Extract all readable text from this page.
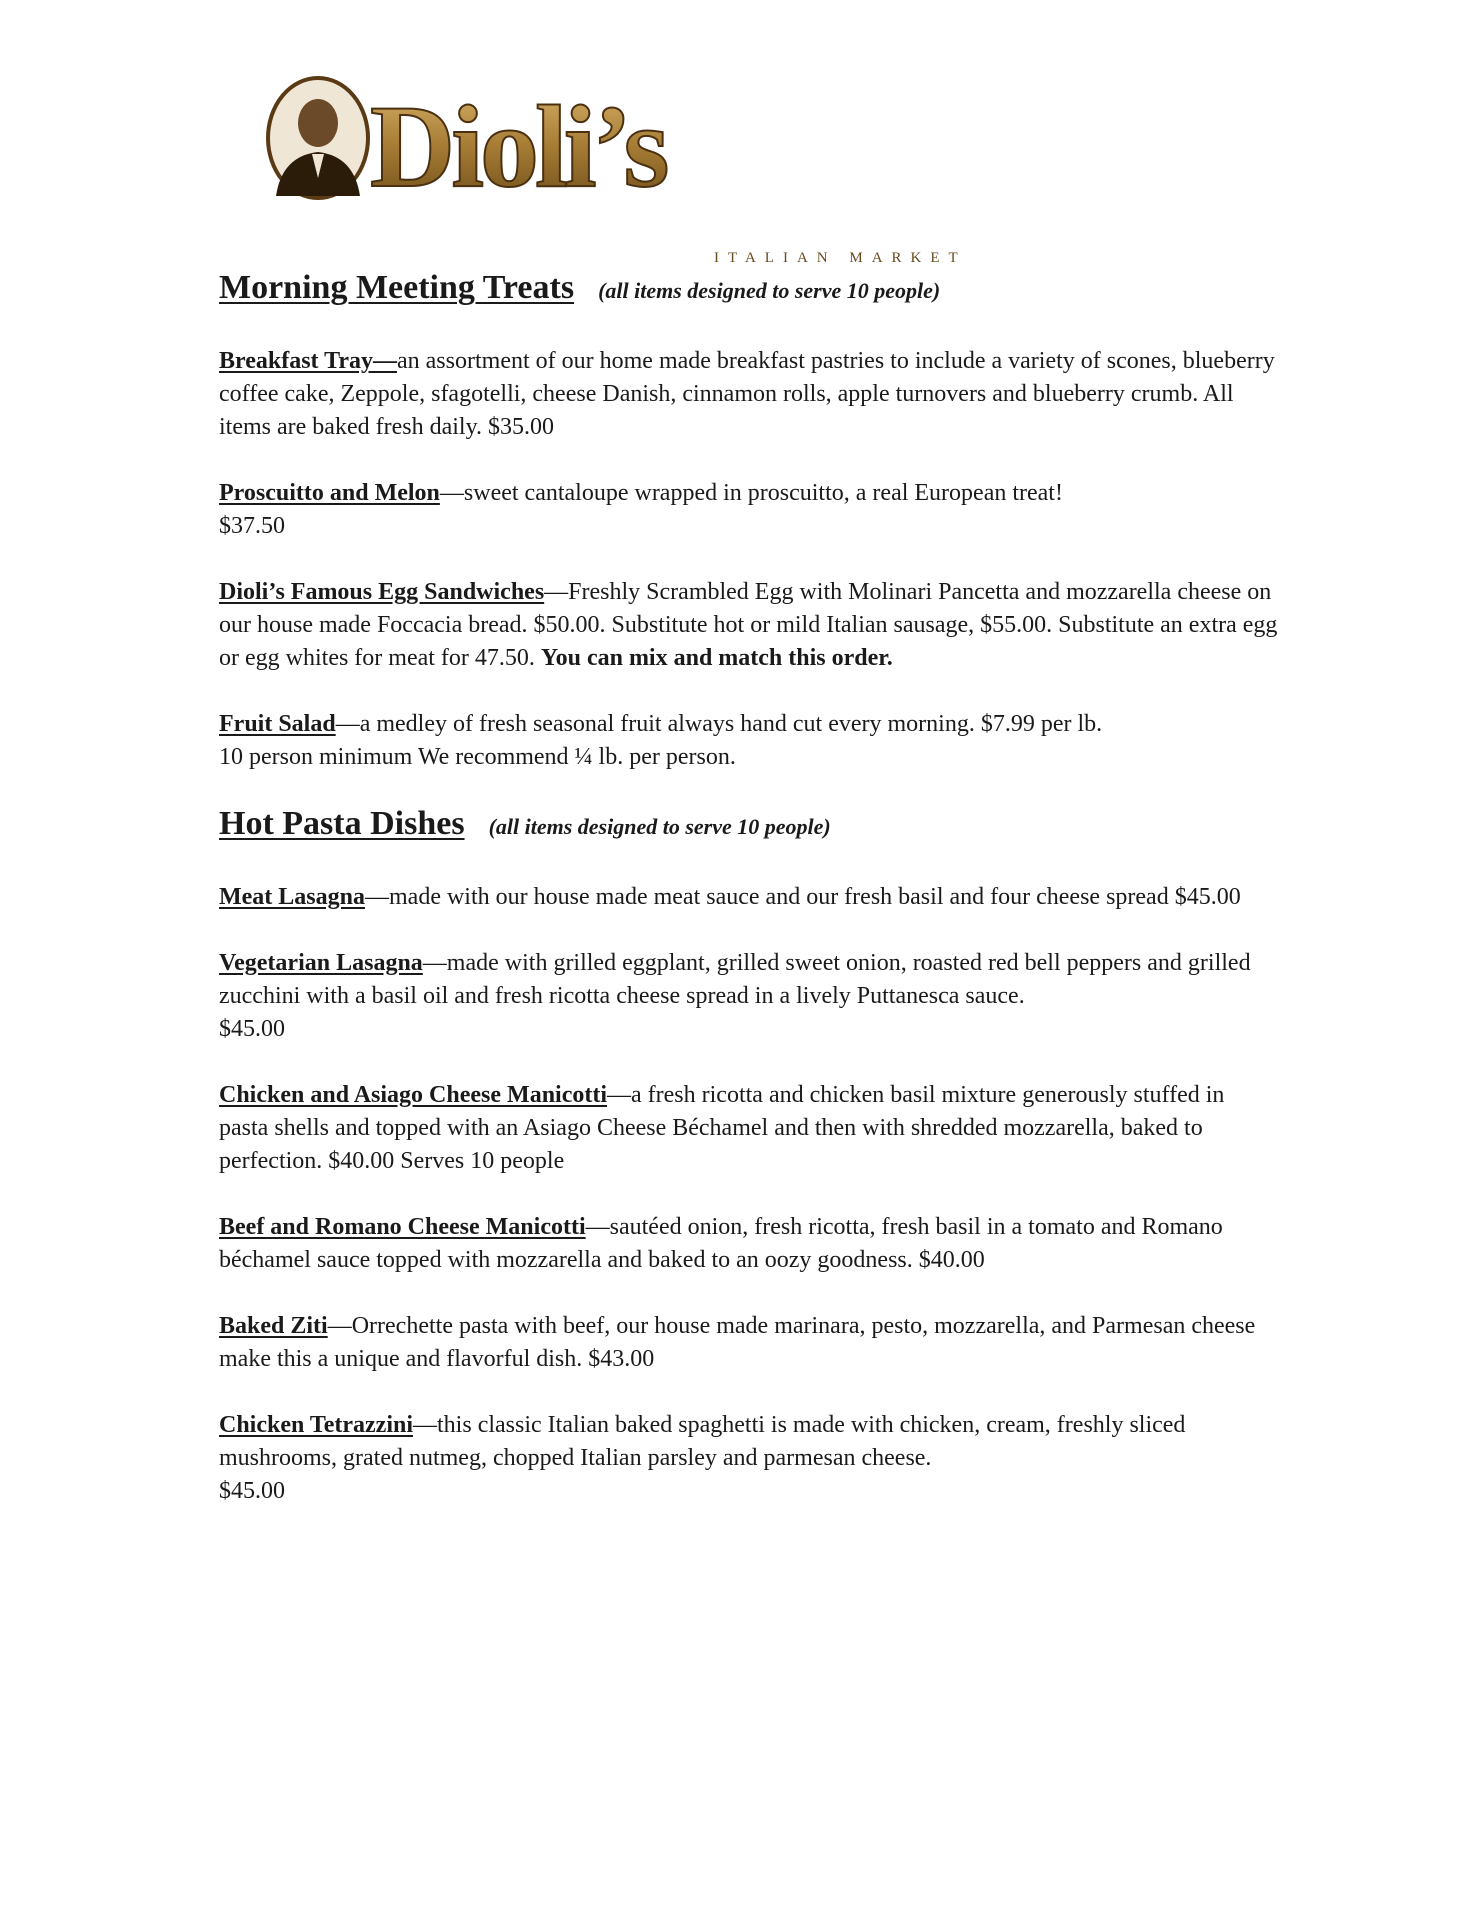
Dioli’s
ITALIAN MARKET
Morning Meeting Treats (all items designed to serve 10 people)

Breakfast Tray—an assortment of our home made breakfast pastries to include a variety of scones, blueberry coffee cake, Zeppole, sfagotelli, cheese Danish, cinnamon rolls, apple turnovers and blueberry crumb. All items are baked fresh daily. $35.00

Proscuitto and Melon—sweet cantaloupe wrapped in proscuitto, a real European treat!
$37.50

Dioli’s Famous Egg Sandwiches—Freshly Scrambled Egg with Molinari Pancetta and mozzarella cheese on our house made Foccacia bread. $50.00. Substitute hot or mild Italian sausage, $55.00. Substitute an extra egg or egg whites for meat for 47.50. You can mix and match this order.

Fruit Salad—a medley of fresh seasonal fruit always hand cut every morning. $7.99 per lb.
10 person minimum We recommend ¼ lb. per person.

Hot Pasta Dishes (all items designed to serve 10 people)

Meat Lasagna—made with our house made meat sauce and our fresh basil and four cheese spread $45.00

Vegetarian Lasagna—made with grilled eggplant, grilled sweet onion, roasted red bell peppers and grilled zucchini with a basil oil and fresh ricotta cheese spread in a lively Puttanesca sauce.
$45.00

Chicken and Asiago Cheese Manicotti—a fresh ricotta and chicken basil mixture generously stuffed in pasta shells and topped with an Asiago Cheese Béchamel and then with shredded mozzarella, baked to perfection. $40.00 Serves 10 people

Beef and Romano Cheese Manicotti—sautéed onion, fresh ricotta, fresh basil in a tomato and Romano béchamel sauce topped with mozzarella and baked to an oozy goodness. $40.00

Baked Ziti—Orrechette pasta with beef, our house made marinara, pesto, mozzarella, and Parmesan cheese make this a unique and flavorful dish. $43.00

Chicken Tetrazzini—this classic Italian baked spaghetti is made with chicken, cream, freshly sliced mushrooms, grated nutmeg, chopped Italian parsley and parmesan cheese.
$45.00
